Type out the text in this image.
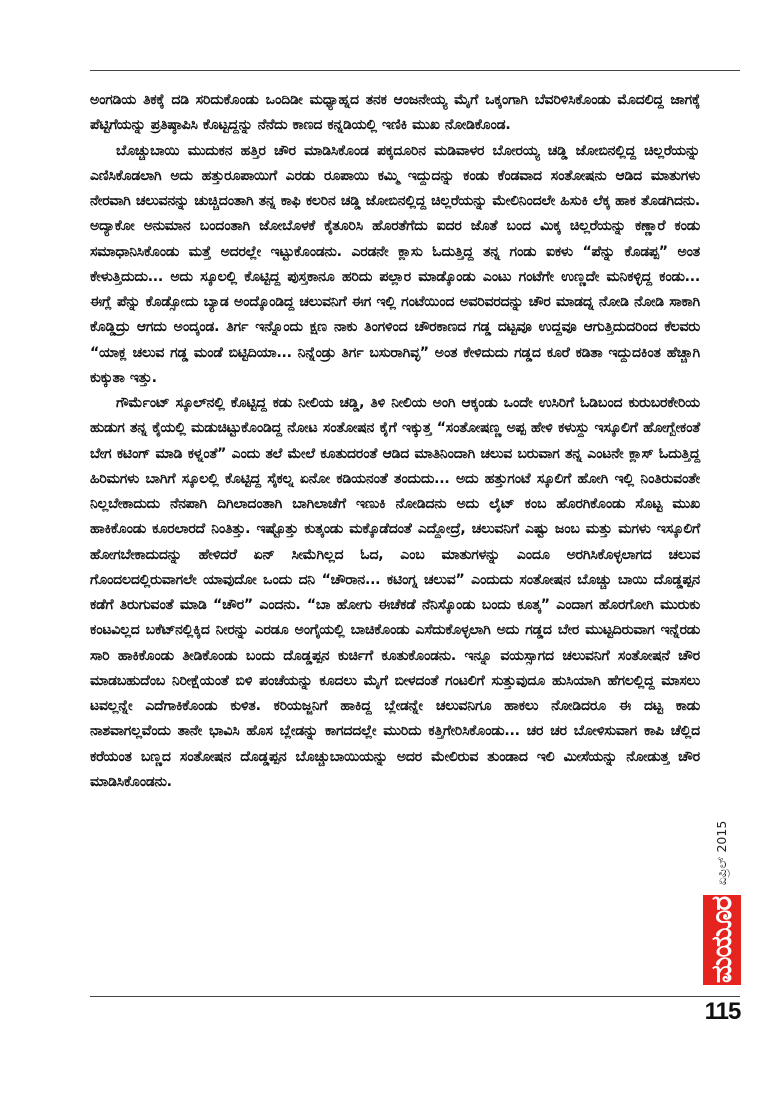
ಅಂಗಡಿಯ ತಿಕಕ್ಕೆ ದಡಿ ಸರಿದುಕೊಂಡು ಒಂದಿಡೀ ಮಧ್ಯಾಹ್ನದ ತನಕ ಆಂಜನೇಯ್ಯ ಮೈಗೆ ಒಕ್ಕಂಗಾಗಿ ಬೆವರಿಳಿಸಿಕೊಂಡು ಮೊದಲಿದ್ದ ಜಾಗಕ್ಕೆ ಪೆಟ್ಟಿಗೆಯನ್ನು ಪ್ರತಿಷ್ಠಾಪಿಸಿ ಕೊಟ್ಟದ್ದನ್ನು ನೆನೆದು ಕಾಣದ ಕನ್ನಡಿಯಲ್ಲಿ ಇಣಿಕಿ ಮುಖ ನೋಡಿಕೊಂಡ.

ಬೊಚ್ಚುಬಾಯಿ ಮುದುಕನ ಹತ್ತಿರ ಚೌರ ಮಾಡಿಸಿಕೊಂಡ ಪಕ್ಕದೂರಿನ ಮಡಿವಾಳರ ಬೋರಯ್ಯ ಚಡ್ಡಿ ಜೋಬಿನಲ್ಲಿದ್ದ ಚಿಲ್ಲರೆಯನ್ನು ಎಣಿಸಿಕೊಡಲಾಗಿ ಅದು ಹತ್ತುರೂಪಾಯಿಗೆ ಎರಡು ರೂಪಾಯಿ ಕಮ್ಮಿ ಇದ್ದುದನ್ನು ಕಂಡು ಕೆಂಡವಾದ ಸಂತೋಷನು ಆಡಿದ ಮಾತುಗಳು ನೇರವಾಗಿ ಚಲುವನನ್ನು ಚುಚ್ಚಿದಂತಾಗಿ ತನ್ನ ಕಾಫಿ ಕಲರಿನ ಚಡ್ಡಿ ಜೋಬಿನಲ್ಲಿದ್ದ ಚಿಲ್ಲರೆಯನ್ನು ಮೇಲಿನಿಂದಲೇ ಹಿಸುಕಿ ಲೆಕ್ಕ ಹಾಕ ತೊಡಗಿದನು. ಅದ್ಯಾಕೋ ಅನುಮಾನ ಬಂದಂತಾಗಿ ಜೋಬೊಳಕೆ ಕೈತೂರಿಸಿ ಹೊರತೆಗೆದು ಐದರ ಜೊತೆ ಬಂದ ಮಿಕ್ಕ ಚಿಲ್ಲರೆಯನ್ನು ಕಣ್ಣಾರೆ ಕಂಡು ಸಮಾಧಾನಿಸಿಕೊಂಡು ಮತ್ತೆ ಅದರಲ್ಲೇ ಇಟ್ಟುಕೊಂಡನು. ಎರಡನೇ ಕ್ಲಾಸು ಓದುತ್ತಿದ್ದ ತನ್ನ ಗಂಡು ಐಕಳು “ಪೆನ್ನು ಕೊಡಪ್ಪ” ಅಂತ ಕೇಳುತ್ತಿದುದು... ಅದು ಸ್ಕೂಲಲ್ಲಿ ಕೊಟ್ಟಿದ್ದ ಪುಸ್ತಕಾನೂ ಹರಿದು ಪಲ್ಲಾರ ಮಾಡ್ಕೊಂಡು ಎಂಟು ಗಂಟೆಗೇ ಉಣ್ಣದೇ ಮನಿಕಳ್ಳಿದ್ದ ಕಂಡು... ಈಗ್ಲೆ ಪೆನ್ನು ಕೊಡ್ಸೋದು ಬ್ಯಾಡ ಅಂದ್ಕೊಂಡಿದ್ದ ಚಲುವನಿಗೆ ಈಗ ಇಲ್ಲಿ ಗಂಟೆಯಿಂದ ಅವರಿವರದನ್ನು ಚೌರ ಮಾಡದ್ನ ನೋಡಿ ನೋಡಿ ಸಾಕಾಗಿ ಕೊಡ್ಡಿದ್ರು ಆಗದು ಅಂದ್ಕಂಡ. ತಿರ್ಗ ಇನ್ನೊಂದು ಕ್ಷಣ ನಾಕು ತಿಂಗಳಿಂದ ಚೌರಕಾಣದ ಗಡ್ಡ ದಟ್ಟವೂ ಉದ್ದವೂ ಆಗುತ್ತಿದುದರಿಂದ ಕೆಲವರು “ಯಾಕ್ಲ ಚಲುವ ಗಡ್ಡ ಮಂಡೆ ಬಿಟ್ಟಿದಿಯಾ... ನಿನ್ನೆಂಡ್ರು ತಿರ್ಗ ಬಸುರಾಗಿವ್ಳ” ಅಂತ ಕೇಳಿದುದು ಗಡ್ಡದ ಕೂರೆ ಕಡಿತಾ ಇದ್ದುದಕಿಂತ ಹೆಚ್ಚಾಗಿ ಕುಕ್ಕುತಾ ಇತ್ತು.

ಗೌರ್ಮೆಂಟ್ ಸ್ಕೂಲ್‌ನಲ್ಲಿ ಕೊಟ್ಟಿದ್ದ ಕಡು ನೀಲಿಯ ಚಡ್ಡಿ, ತಿಳಿ ನೀಲಿಯ ಅಂಗಿ ಆಕ್ಕಂಡು ಒಂದೇ ಉಸಿರಿಗೆ ಓಡಿಬಂದ ಕುರುಬರಕೇರಿಯ ಹುಡುಗ ತನ್ನ ಕೈಯಲ್ಲಿ ಮಡುಚಿಟ್ಟುಕೊಂಡಿದ್ದ ನೋಟ ಸಂತೋಷನ ಕೈಗೆ ಇಕ್ಕುತ್ತ “ಸಂತೋಷಣ್ಣ ಅಪ್ಪ ಹೇಳಿ ಕಳುಸ್ದು ಇಸ್ಕೂಲಿಗೆ ಹೋಗ್ಬೇಕಂತೆ ಬೇಗ ಕಟಿಂಗ್ ಮಾಡಿ ಕಳ್ನಂತೆ” ಎಂದು ತಲೆ ಮೇಲೆ ಕೂತುದರಂತೆ ಆಡಿದ ಮಾತಿನಿಂದಾಗಿ ಚಲುವ ಬರುವಾಗ ತನ್ನ ಎಂಟನೇ ಕ್ಲಾಸ್ ಓದುತ್ತಿದ್ದ ಹಿರಿಮಗಳು ಬಾಗಿಗೆ ಸ್ಕೂಲಲ್ಲಿ ಕೊಟ್ಟಿದ್ದ ಸೈಕಲ್ನ ಏನೋ ಕಡಿಯನಂತೆ ತಂದುದು... ಅದು ಹತ್ತುಗಂಟೆ ಸ್ಕೂಲಿಗೆ ಹೋಗಿ ಇಲ್ಲಿ ನಿಂತಿರುವಂತೇ ನಿಲ್ಲಬೇಕಾದುದು ನೆನಪಾಗಿ ದಿಗಿಲಾದಂತಾಗಿ ಬಾಗಿಲಾಚೆಗೆ ಇಣುಕಿ ನೋಡಿದನು ಅದು ಲೈಟ್ ಕಂಬ ಹೊರಗಿಕೊಂಡು ಸೊಟ್ಟ ಮುಖ ಹಾಕಿಕೊಂಡು ಕೂರಲಾರದೆ ನಿಂತಿತ್ತು. ಇಷ್ಟೊತ್ತು ಕುತ್ಕಂಡು ಮಕ್ಕೊಡೆದಂತೆ ಎದ್ದೋದ್ರೆ, ಚಲುವನಿಗೆ ಎಷ್ಟು ಜಂಬ ಮತ್ತು ಮಗಳು ಇಸ್ಕೂಲಿಗೆ ಹೋಗಬೇಕಾದುದನ್ನು ಹೇಳಿದರೆ ಏನ್ ಸೀಮೆಗಿಲ್ಲದ ಓದ, ಎಂಬ ಮಾತುಗಳನ್ನು ಎಂದೂ ಅರಗಿಸಿಕೊಳ್ಳಲಾಗದ ಚಲುವ ಗೊಂದಲದಲ್ಲಿರುವಾಗಲೇ ಯಾವುದೋ ಒಂದು ದನಿ “ಚೌರಾನ... ಕಟಿಂಗ್ನ ಚಲುವ” ಎಂದುದು ಸಂತೋಷನ ಬೊಚ್ಚು ಬಾಯಿ ದೊಡ್ಡಪ್ಪನ ಕಡೆಗೆ ತಿರುಗುವಂತೆ ಮಾಡಿ “ಚೌರ” ಎಂದನು. “ಬಾ ಹೋಗು ಈಚೆಕಡೆ ನೆನಿಸ್ಕೊಂಡು ಬಂದು ಕೂತ್ಕ” ಎಂದಾಗ ಹೊರಗೋಗಿ ಮುರುಕು ಕಂಟವಿಲ್ಲದ ಬಕೆಟ್‌ನಲ್ಲಿಕ್ಕಿದ ನೀರನ್ನು ಎರಡೂ ಅಂಗೈಯಲ್ಲಿ ಬಾಚಿಕೊಂಡು ಎಸೆದುಕೊಳ್ಳಲಾಗಿ ಅದು ಗಡ್ಡದ ಬೇರ ಮುಟ್ಟದಿರುವಾಗ ಇನ್ನೆರಡು ಸಾರಿ ಹಾಕಿಕೊಂಡು ತೀಡಿಕೊಂಡು ಬಂದು ದೊಡ್ಡಪ್ಪನ ಕುರ್ಚಿಗೆ ಕೂತುಕೊಂಡನು. ಇನ್ನೂ ವಯಸ್ಸಾಗದ ಚಲುವನಿಗೆ ಸಂತೋಷನೆ ಚೌರ ಮಾಡಬಹುದೆಂಬ ನಿರೀಕ್ಷೆಯಂತೆ ಬಿಳಿ ಪಂಚೆಯನ್ನು ಕೂದಲು ಮೈಗೆ ಬೀಳದಂತೆ ಗಂಟಲಿಗೆ ಸುತ್ತುವುದೂ ಹುಸಿಯಾಗಿ ಹೆಗಲಲ್ಲಿದ್ದ ಮಾಸಲು ಟವಲ್ಲನ್ನೇ ಎದೆಗಾಕಿಕೊಂಡು ಕುಳಿತ. ಕರಿಯಜ್ಜನಿಗೆ ಹಾಕಿದ್ದ ಬ್ಲೇಡನ್ನೇ ಚಲುವನಿಗೂ ಹಾಕಲು ನೋಡಿದರೂ ಈ ದಟ್ಟ ಕಾಡು ನಾಶವಾಗಲ್ಲವೆಂದು ತಾನೇ ಭಾವಿಸಿ ಹೊಸ ಬ್ಲೇಡನ್ನು ಕಾಗದದಲ್ಲೇ ಮುರಿದು ಕತ್ತಿಗೇರಿಸಿಕೊಂಡು... ಚರ ಚರ ಬೋಳಿಸುವಾಗ ಕಾಪಿ ಚೆಲ್ಲಿದ ಕರೆಯಂತ ಬಣ್ಣದ ಸಂತೋಷನ ದೊಡ್ಡಪ್ಪನ ಬೊಚ್ಚುಬಾಯಿಯನ್ನು ಅದರ ಮೇಲಿರುವ ತುಂಡಾದ ಇಲಿ ಮೀಸೆಯನ್ನು ನೋಡುತ್ತ ಚೌರ ಮಾಡಿಸಿಕೊಂಡನು.

ಏಪ್ರಿಲ್ 2015
ಮಯೂರ
115
